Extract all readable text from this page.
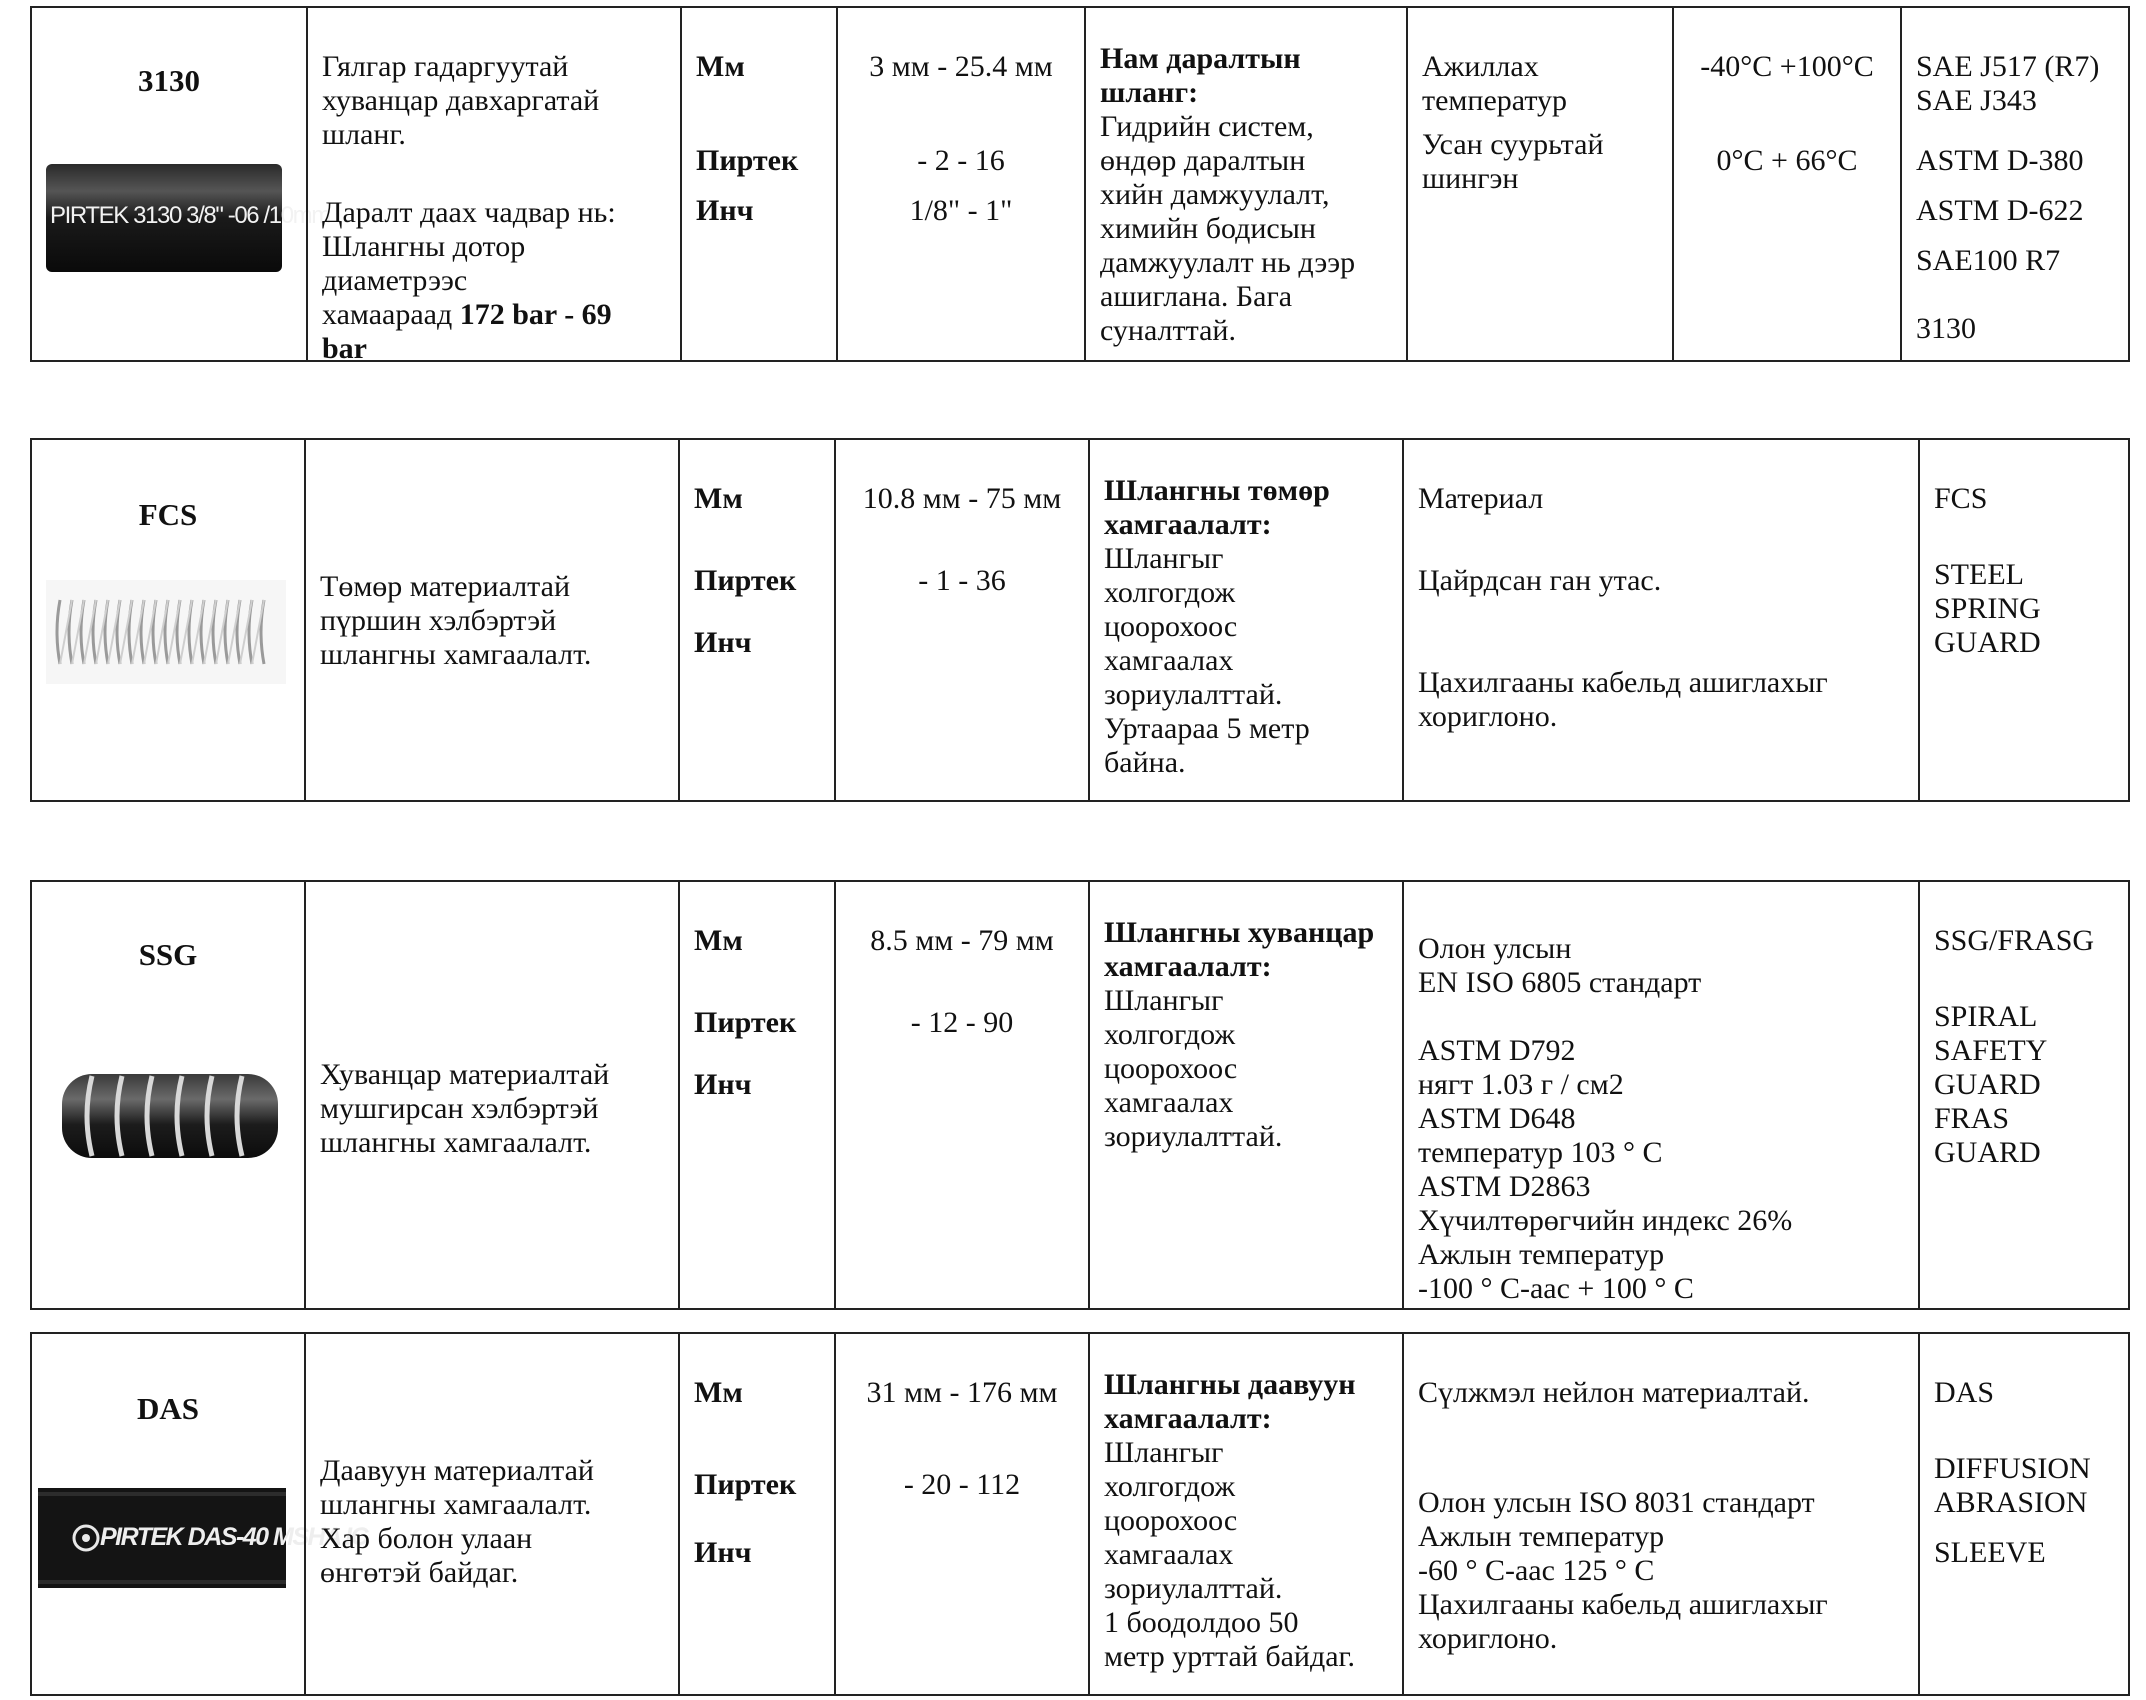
3130
PIRTEK 3130 3/8" -06 /10mm
Гялгар гадаргуутай
хуванцар давхаргатай
шланг.
Даралт даах чадвар нь:
Шлангны дотор
диаметрээс
хамаараад 172 bar - 69
bar
Мм
Пиртек
Инч
3 мм - 25.4 мм
- 2 - 16
1/8" - 1"
Нам даралтын
шланг:
Гидрийн систем,
өндөр даралтын
хийн дамжуулалт,
химийн бодисын
дамжуулалт нь дээр
ашиглана. Бага
суналттай.
Ажиллах
температур
Усан суурьтай
шингэн
-40°C +100°C
0°C + 66°C
SAE J517 (R7)
SAE J343
ASTM D-380
ASTM D-622
SAE100 R7
3130
FCS
Төмөр материалтай
пүршин хэлбэртэй
шлангны хамгаалалт.
Мм
Пиртек
Инч
10.8 мм - 75 мм
- 1 - 36
Шлангны төмөр
хамгаалалт:
Шлангыг
холгогдож
цоорохоос
хамгаалах
зориулалттай.
Уртаараа 5 метр
байна.
Материал
Цайрдсан ган утас.
Цахилгааны кабельд ашиглахыг
хориглоно.
FCS
STEEL
SPRING
GUARD
SSG
Хуванцар материалтай
мушгирсан хэлбэртэй
шлангны хамгаалалт.
Мм
Пиртек
Инч
8.5 мм - 79 мм
- 12 - 90
Шлангны хуванцар
хамгаалалт:
Шлангыг
холгогдож
цоорохоос
хамгаалах
зориулалттай.
Олон улсын
EN ISO 6805 стандарт
ASTM D792
нягт 1.03 г / см2
ASTM D648
температур 103 ° C
ASTM D2863
Хүчилтөрөгчийн индекс 26%
Ажлын температур
-100 ° C-аас + 100 ° C
SSG/FRASG
SPIRAL
SAFETY
GUARD
FRAS
GUARD
DAS
PIRTEK DAS-40 MSHA IC
Даавуун материалтай
шлангны хамгаалалт.
Хар болон улаан
өнгөтэй байдаг.
Мм
Пиртек
Инч
31 мм - 176 мм
- 20 - 112
Шлангны даавуун
хамгаалалт:
Шлангыг
холгогдож
цоорохоос
хамгаалах
зориулалттай.
1 боодолдоо 50
метр урттай байдаг.
Сүлжмэл нейлон материалтай.
Олон улсын ISO 8031 стандарт
Ажлын температур
-60 ° C-аас 125 ° C
Цахилгааны кабельд ашиглахыг
хориглоно.
DAS
DIFFUSION
ABRASION
SLEEVE
